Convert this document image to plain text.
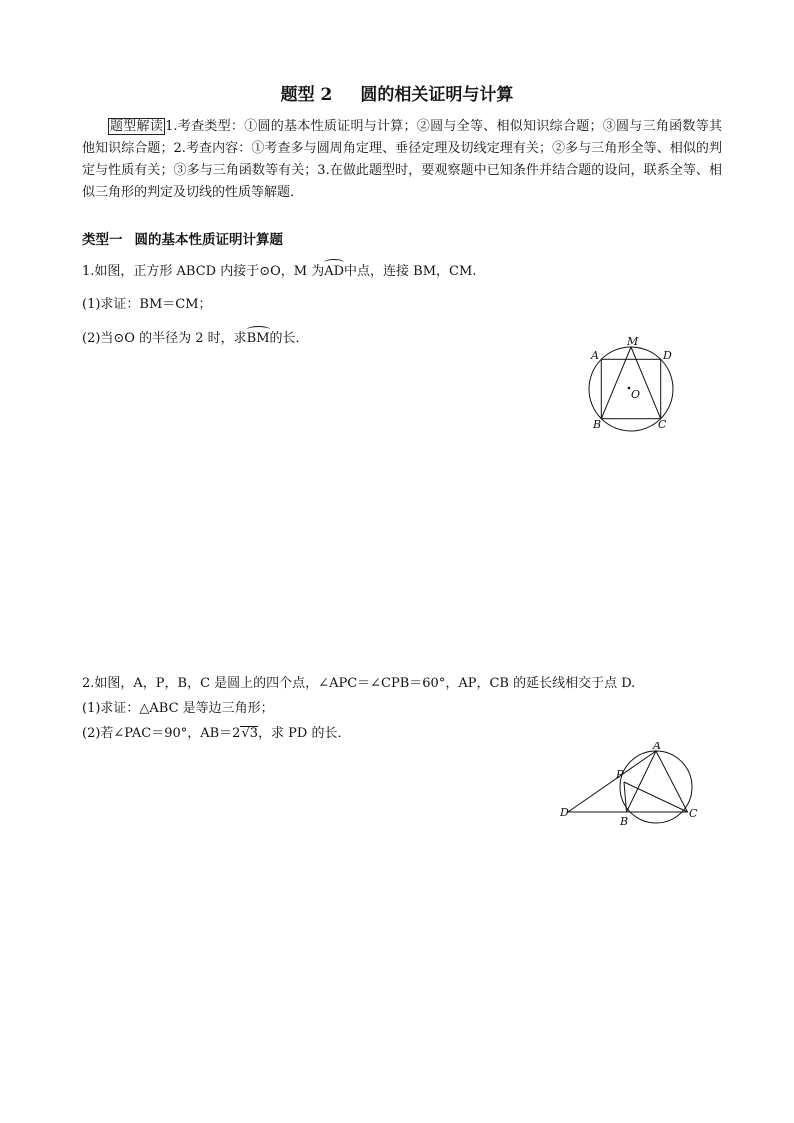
题型 2 圆的相关证明与计算
题型解读 1.考查类型：①圆的基本性质证明与计算；②圆与全等、相似知识综合题；③圆与三角函数等其他知识综合题；2.考查内容：①考查多与圆周角定理、垂径定理及切线定理有关；②多与三角形全等、相似的判定与性质有关；③多与三角函数等有关；3.在做此题型时，要观察题中已知条件并结合题的设问，联系全等、相似三角形的判定及切线的性质等解题．
类型一 圆的基本性质证明计算题
1.如图，正方形 ABCD 内接于⊙O，M 为AD中点，连接 BM，CM.
(1)求证：BM＝CM；
(2)当⊙O 的半径为 2 时，求BM的长．	M
A	D
O
B	C
2.如图，A，P，B，C 是圆上的四个点，∠APC＝∠CPB＝60°，AP，CB 的延长线相交于点 D.
(1)求证：△ABC 是等边三角形；
(2)若∠PAC＝90°，AB＝2√3，求 PD 的长．
A
P
D
B
C
